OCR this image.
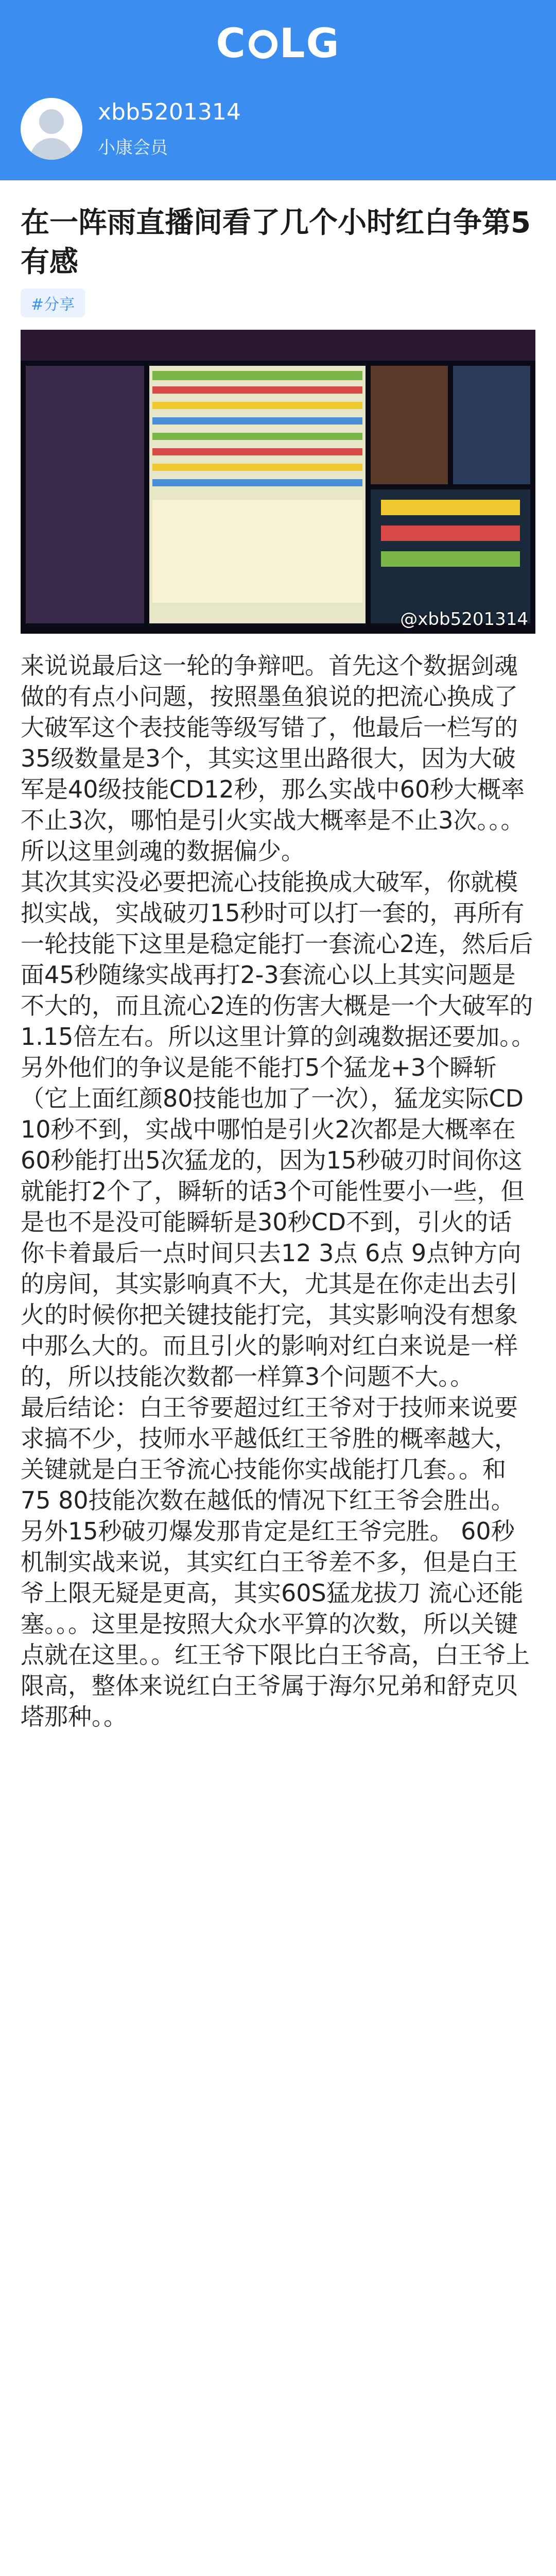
C LG
xbb5201314
小康会员
在一阵雨直播间看了几个小时红白争第5有感
#分享
@xbb5201314

来说说最后这一轮的争辩吧。首先这个数据剑魂做的有点小问题，按照墨鱼狼说的把流心换成了大破军这个表技能等级写错了，他最后一栏写的35级数量是3个，其实这里出路很大，因为大破军是40级技能CD12秒，那么实战中60秒大概率不止3次，哪怕是引火实战大概率是不止3次。。。所以这里剑魂的数据偏少。

其次其实没必要把流心技能换成大破军，你就模拟实战，实战破刃15秒时可以打一套的，再所有一轮技能下这里是稳定能打一套流心2连，然后后面45秒随缘实战再打2-3套流心以上其实问题是不大的，而且流心2连的伤害大概是一个大破军的1.15倍左右。所以这里计算的剑魂数据还要加。。

另外他们的争议是能不能打5个猛龙+3个瞬斩（它上面红颜80技能也加了一次），猛龙实际CD 10秒不到，实战中哪怕是引火2次都是大概率在60秒能打出5次猛龙的，因为15秒破刃时间你这就能打2个了，瞬斩的话3个可能性要小一些，但是也不是没可能瞬斩是30秒CD不到，引火的话你卡着最后一点时间只去12 3点 6点 9点钟方向的房间，其实影响真不大，尤其是在你走出去引火的时候你把关键技能打完，其实影响没有想象中那么大的。而且引火的影响对红白来说是一样的，所以技能次数都一样算3个问题不大。。

最后结论：白王爷要超过红王爷对于技师来说要求搞不少，技师水平越低红王爷胜的概率越大，关键就是白王爷流心技能你实战能打几套。。和75 80技能次数在越低的情况下红王爷会胜出。另外15秒破刃爆发那肯定是红王爷完胜。 60秒机制实战来说，其实红白王爷差不多，但是白王爷上限无疑是更高，其实60S猛龙拔刀 流心还能塞。。。这里是按照大众水平算的次数，所以关键点就在这里。。红王爷下限比白王爷高，白王爷上限高，整体来说红白王爷属于海尔兄弟和舒克贝塔那种。。
